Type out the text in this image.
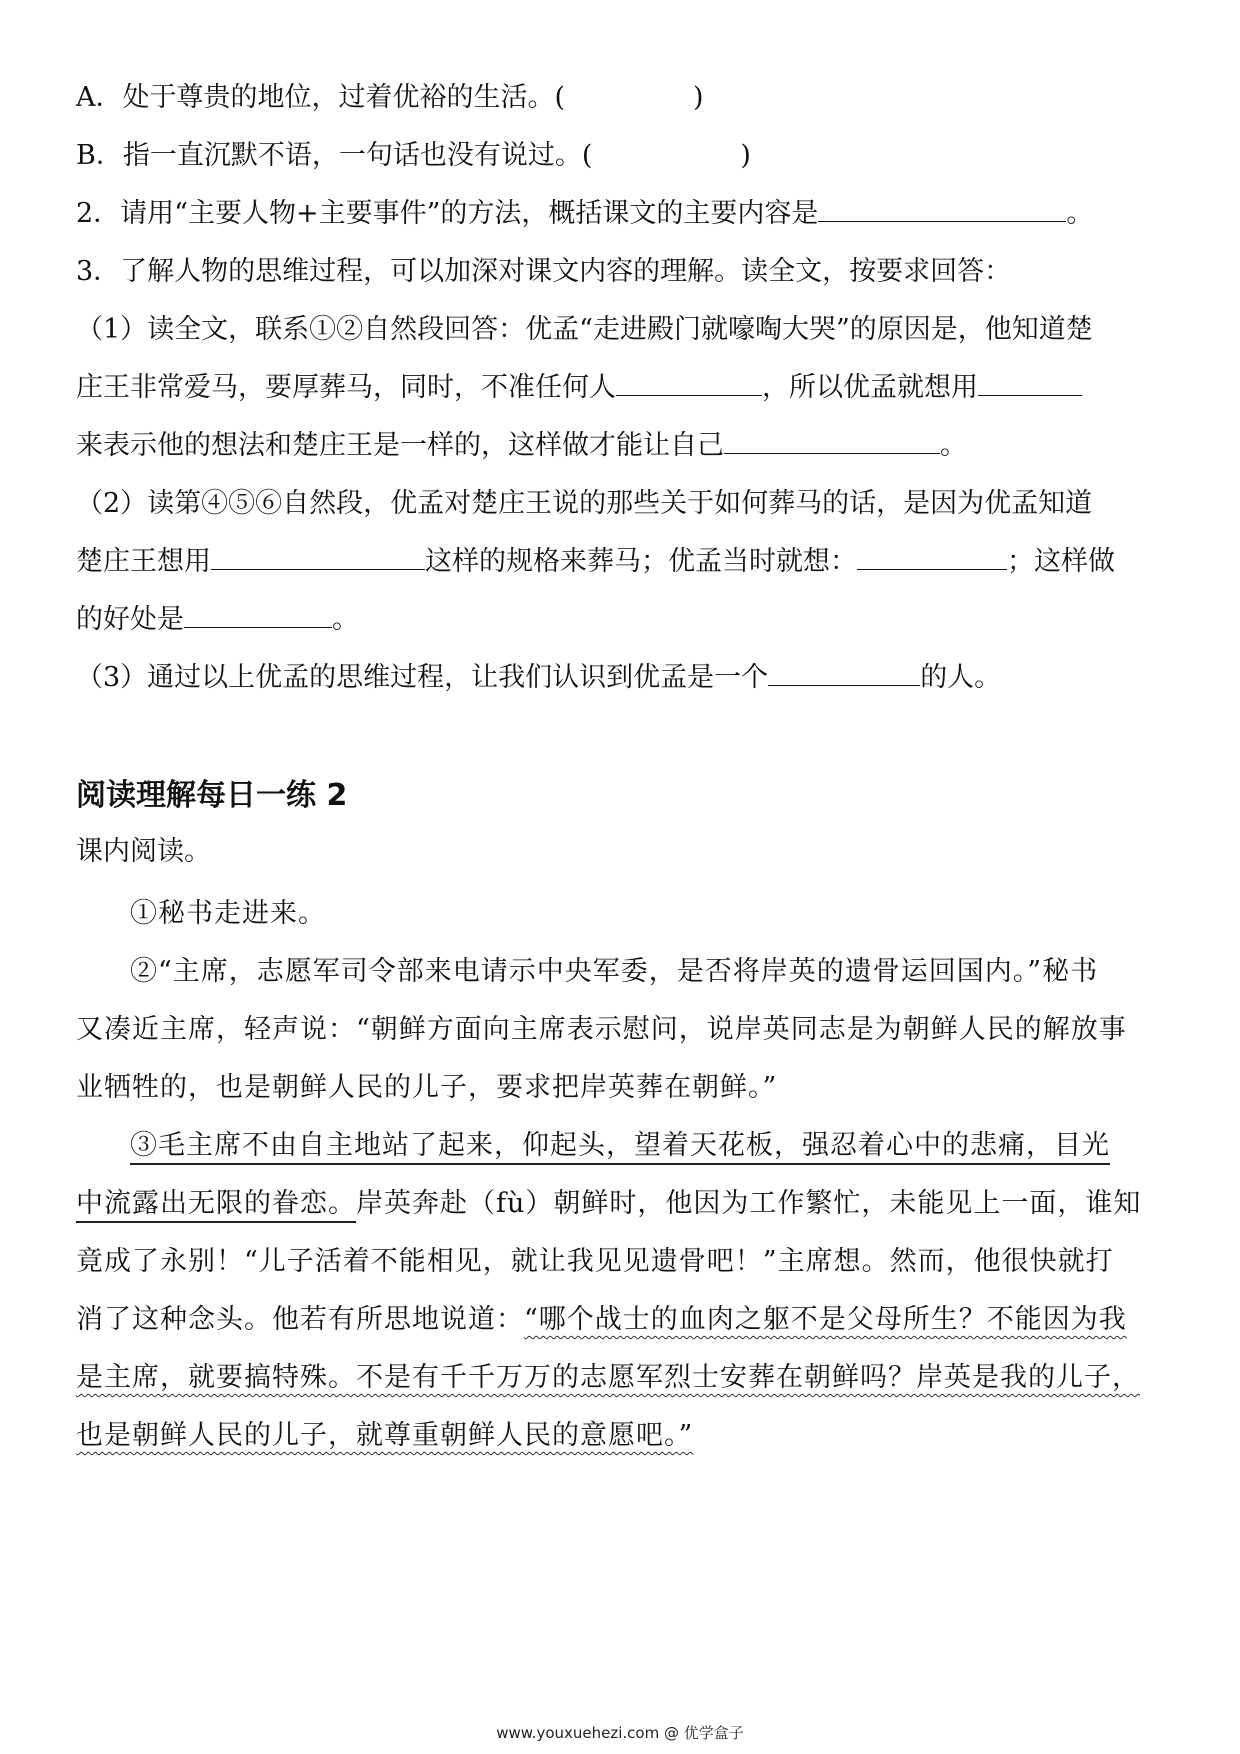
A．处于尊贵的地位，过着优裕的生活。(	)
B．指一直沉默不语，一句话也没有说过。(	)
2．请用“主要人物+主要事件”的方法，概括课文的主要内容是	。
3．了解人物的思维过程，可以加深对课文内容的理解。读全文，按要求回答：
（1）读全文，联系①②自然段回答：优孟“走进殿门就嚎啕大哭”的原因是，他知道楚
庄王非常爱马，要厚葬马，同时，不准任何人	，所以优孟就想用
来表示他的想法和楚庄王是一样的，这样做才能让自己	。
（2）读第④⑤⑥自然段，优孟对楚庄王说的那些关于如何葬马的话，是因为优孟知道
楚庄王想用	这样的规格来葬马；优孟当时就想：	；这样做
的好处是	。
（3）通过以上优孟的思维过程，让我们认识到优孟是一个	的人。
阅读理解每日一练 2
课内阅读。
①秘书走进来。
②“主席，志愿军司令部来电请示中央军委，是否将岸英的遗骨运回国内。”秘书
又凑近主席，轻声说：“朝鲜方面向主席表示慰问，说岸英同志是为朝鲜人民的解放事
业牺牲的，也是朝鲜人民的儿子，要求把岸英葬在朝鲜。”
③毛主席不由自主地站了起来，仰起头，望着天花板，强忍着心中的悲痛，目光
中流露出无限的眷恋。岸英奔赴（fù）朝鲜时，他因为工作繁忙，未能见上一面，谁知
竟成了永别！“儿子活着不能相见，就让我见见遗骨吧！”主席想。然而，他很快就打
消了这种念头。他若有所思地说道：“哪个战士的血肉之躯不是父母所生？不能因为我
是主席，就要搞特殊。不是有千千万万的志愿军烈士安葬在朝鲜吗？岸英是我的儿子，
也是朝鲜人民的儿子，就尊重朝鲜人民的意愿吧。”
www.youxuehezi.com @ 优学盒子
